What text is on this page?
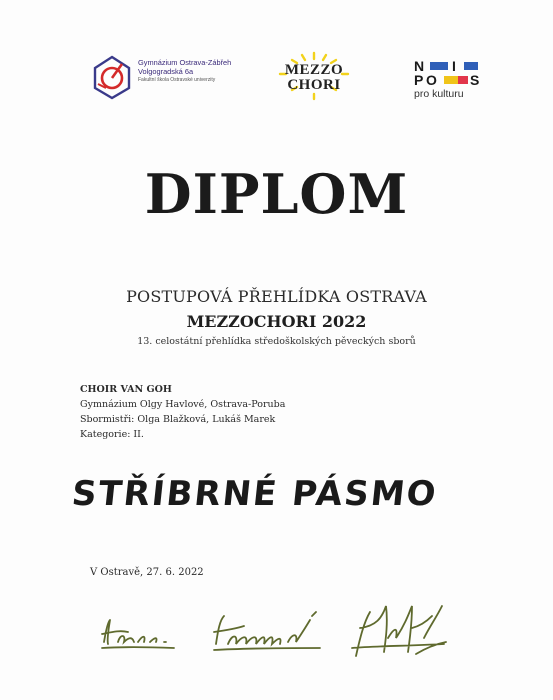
Gymnázium Ostrava-Zábřeh
Volgogradská 6a
Fakultní škola Ostravské univerzity
MEZZO
CHORI
N I
P O S
pro kulturu
DIPLOM
POSTUPOVÁ PŘEHLÍDKA OSTRAVA
MEZZOCHORI 2022
13. celostátní přehlídka středoškolských pěveckých sborů
CHOIR VAN GOH
Gymnázium Olgy Havlové, Ostrava-Poruba
Sbormistři: Olga Blažková, Lukáš Marek
Kategorie: II.
STŘÍBRNÉ PÁSMO
V Ostravě, 27. 6. 2022
